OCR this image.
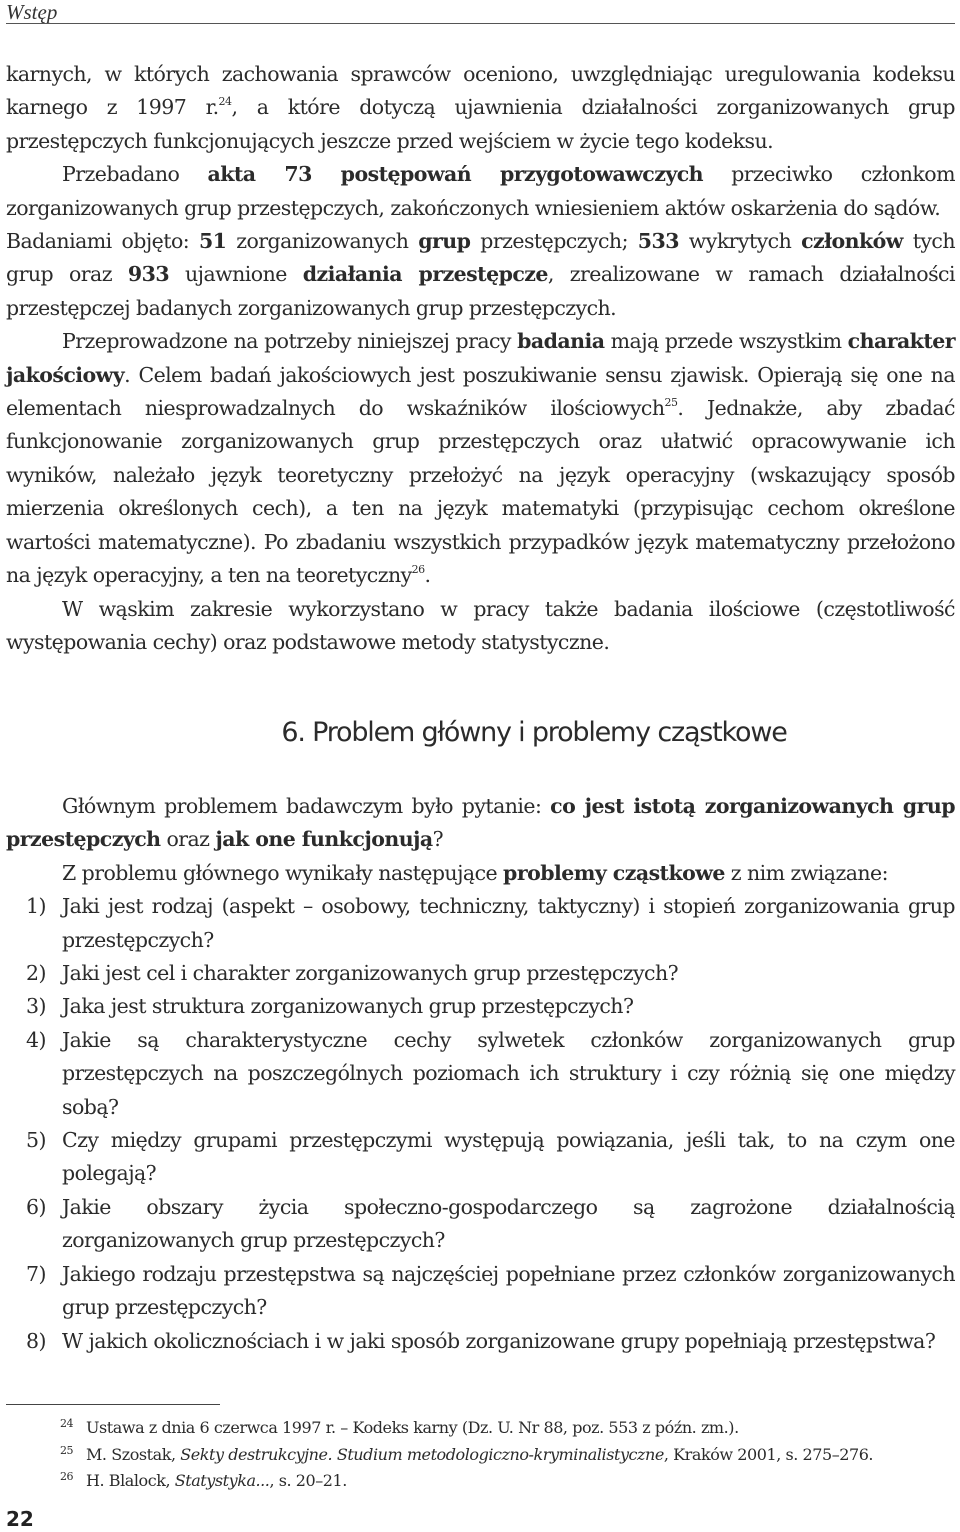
Wstęp

karnych, w których zachowania sprawców oceniono, uwzględniając uregulowania kodeksu karnego z 1997 r.$^{24}$, a które dotyczą ujawnienia działalności zorganizowanych grup przestępczych funkcjonujących jeszcze przed wejściem w życie tego kodeksu.

Przebadano akta 73 postępowań przygotowawczych przeciwko członkom zorganizowanych grup przestępczych, zakończonych wniesieniem aktów oskarżenia do sądów.

Badaniami objęto: 51 zorganizowanych grup przestępczych; 533 wykrytych członków tych grup oraz 933 ujawnione działania przestępcze, zrealizowane w ramach działalności przestępczej badanych zorganizowanych grup przestępczych.

Przeprowadzone na potrzeby niniejszej pracy badania mają przede wszystkim charakter jakościowy. Celem badań jakościowych jest poszukiwanie sensu zjawisk. Opierają się one na elementach niesprowadzalnych do wskaźników ilościowych$^{25}$. Jednakże, aby zbadać funkcjonowanie zorganizowanych grup przestępczych oraz ułatwić opracowywanie ich wyników, należało język teoretyczny przełożyć na język operacyjny (wskazujący sposób mierzenia określonych cech), a ten na język matematyki (przypisując cechom określone wartości matematyczne). Po zbadaniu wszystkich przypadków język matematyczny przełożono na język operacyjny, a ten na teoretyczny$^{26}$.

W wąskim zakresie wykorzystano w pracy także badania ilościowe (częstotliwość występowania cechy) oraz podstawowe metody statystyczne.

6. Problem główny i problemy cząstkowe

Głównym problemem badawczym było pytanie: co jest istotą zorganizowanych grup przestępczych oraz jak one funkcjonują?

Z problemu głównego wynikały następujące problemy cząstkowe z nim związane:

1) Jaki jest rodzaj (aspekt – osobowy, techniczny, taktyczny) i stopień zorganizowania grup przestępczych?
2) Jaki jest cel i charakter zorganizowanych grup przestępczych?
3) Jaka jest struktura zorganizowanych grup przestępczych?
4) Jakie są charakterystyczne cechy sylwetek członków zorganizowanych grup przestępczych na poszczególnych poziomach ich struktury i czy różnią się one między sobą?
5) Czy między grupami przestępczymi występują powiązania, jeśli tak, to na czym one polegają?
6) Jakie obszary życia społeczno-gospodarczego są zagrożone działalnością zorganizowanych grup przestępczych?
7) Jakiego rodzaju przestępstwa są najczęściej popełniane przez członków zorganizowanych grup przestępczych?
8) W jakich okolicznościach i w jaki sposób zorganizowane grupy popełniają przestępstwa?
24 Ustawa z dnia 6 czerwca 1997 r. – Kodeks karny (Dz. U. Nr 88, poz. 553 z późn. zm.).
25 M. Szostak, Sekty destrukcyjne. Studium metodologiczno-kryminalistyczne, Kraków 2001, s. 275–276.
26 H. Blalock, Statystyka..., s. 20–21.
22
